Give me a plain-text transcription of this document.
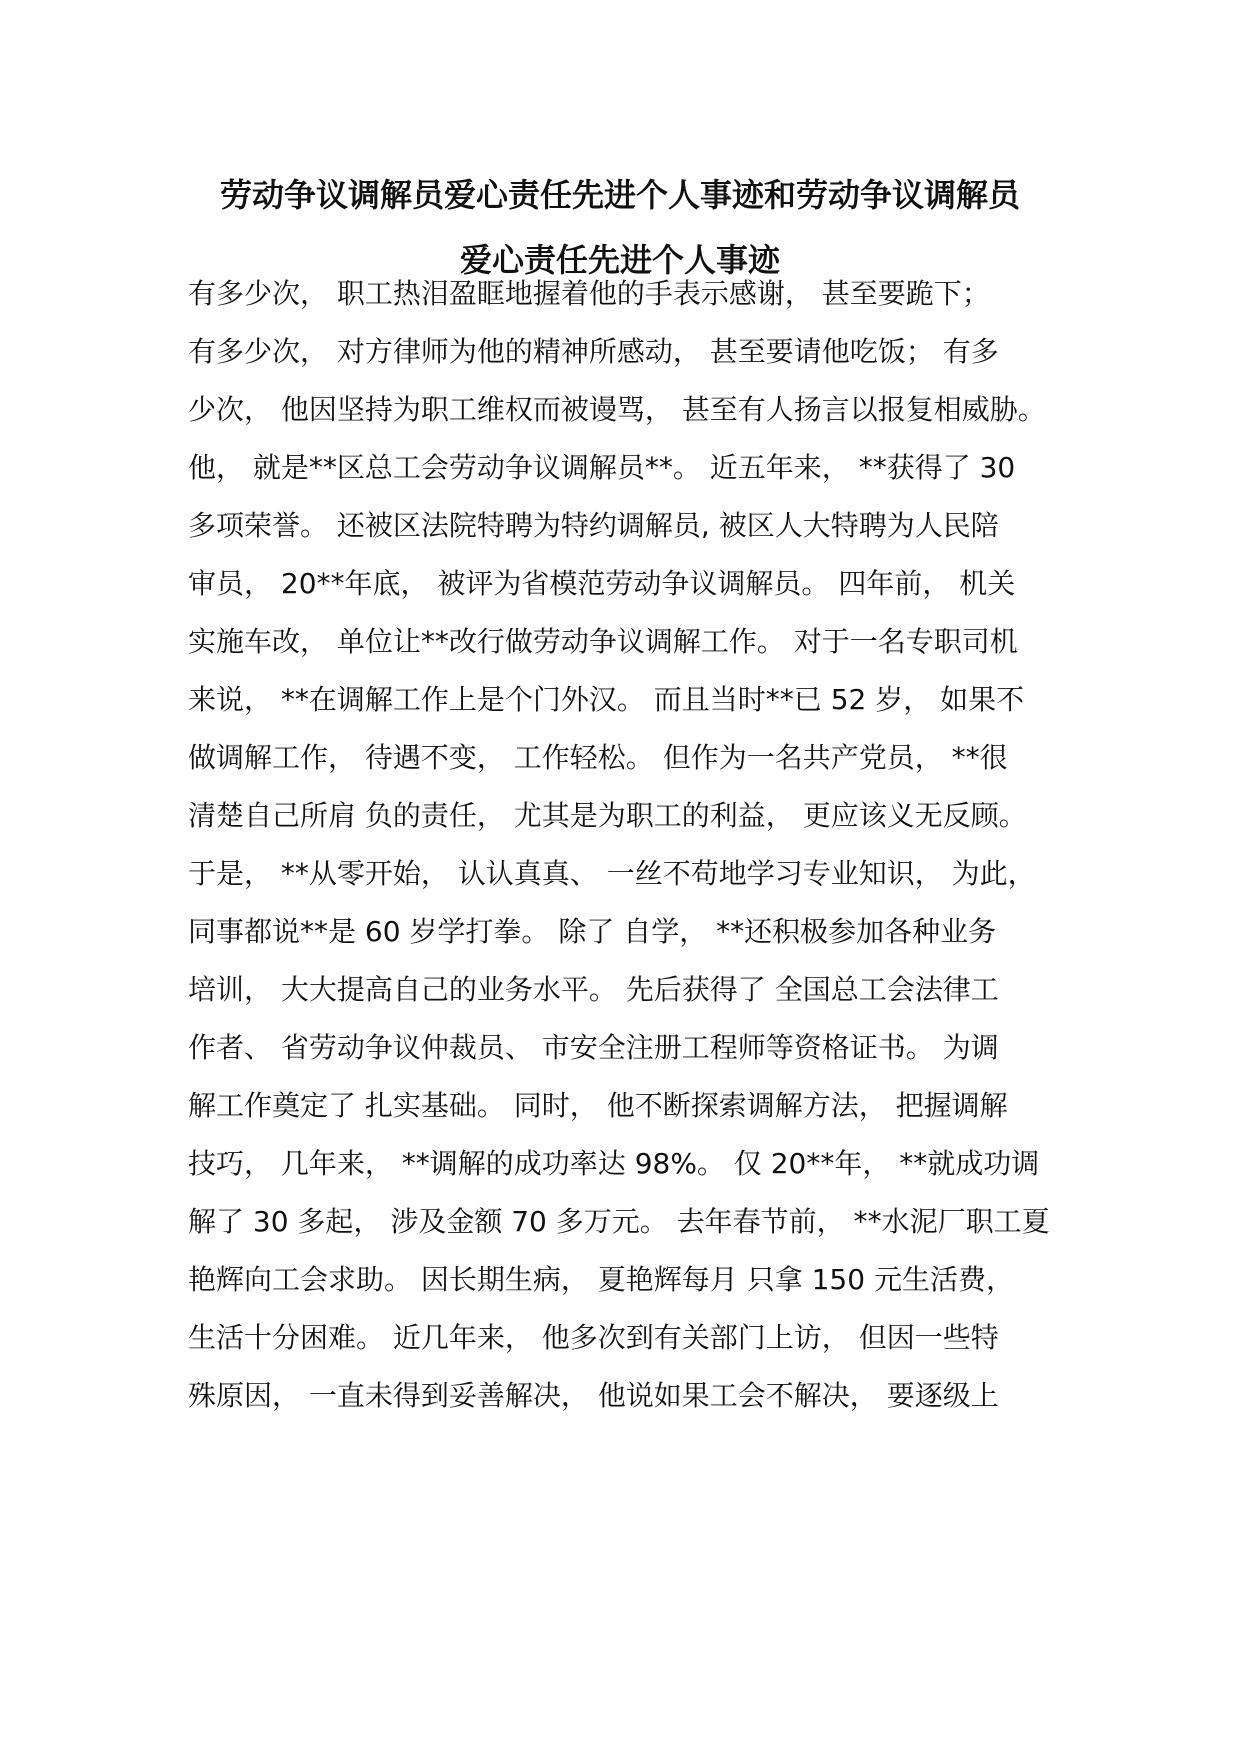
劳动争议调解员爱心责任先进个人事迹和劳动争议调解员
爱心责任先进个人事迹
有多少次， 职工热泪盈眶地握着他的手表示感谢， 甚至要跪下；
有多少次， 对方律师为他的精神所感动， 甚至要请他吃饭； 有多
少次， 他因坚持为职工维权而被谩骂， 甚至有人扬言以报复相威胁。
他， 就是**区总工会劳动争议调解员**。 近五年来， **获得了 30
多项荣誉。 还被区法院特聘为特约调解员, 被区人大特聘为人民陪
审员， 20**年底， 被评为省模范劳动争议调解员。 四年前， 机关
实施车改， 单位让**改行做劳动争议调解工作。 对于一名专职司机
来说， **在调解工作上是个门外汉。 而且当时**已 52 岁， 如果不
做调解工作， 待遇不变， 工作轻松。 但作为一名共产党员， **很
清楚自己所肩 负的责任， 尤其是为职工的利益， 更应该义无反顾。
于是， **从零开始， 认认真真、 一丝不苟地学习专业知识， 为此，
同事都说**是 60 岁学打拳。 除了 自学， **还积极参加各种业务
培训， 大大提高自己的业务水平。 先后获得了 全国总工会法律工
作者、 省劳动争议仲裁员、 市安全注册工程师等资格证书。 为调
解工作奠定了 扎实基础。 同时， 他不断探索调解方法， 把握调解
技巧， 几年来， **调解的成功率达 98%。 仅 20**年， **就成功调
解了 30 多起， 涉及金额 70 多万元。 去年春节前， **水泥厂职工夏
艳辉向工会求助。 因长期生病， 夏艳辉每月 只拿 150 元生活费，
生活十分困难。 近几年来， 他多次到有关部门上访， 但因一些特
殊原因， 一直未得到妥善解决， 他说如果工会不解决， 要逐级上
